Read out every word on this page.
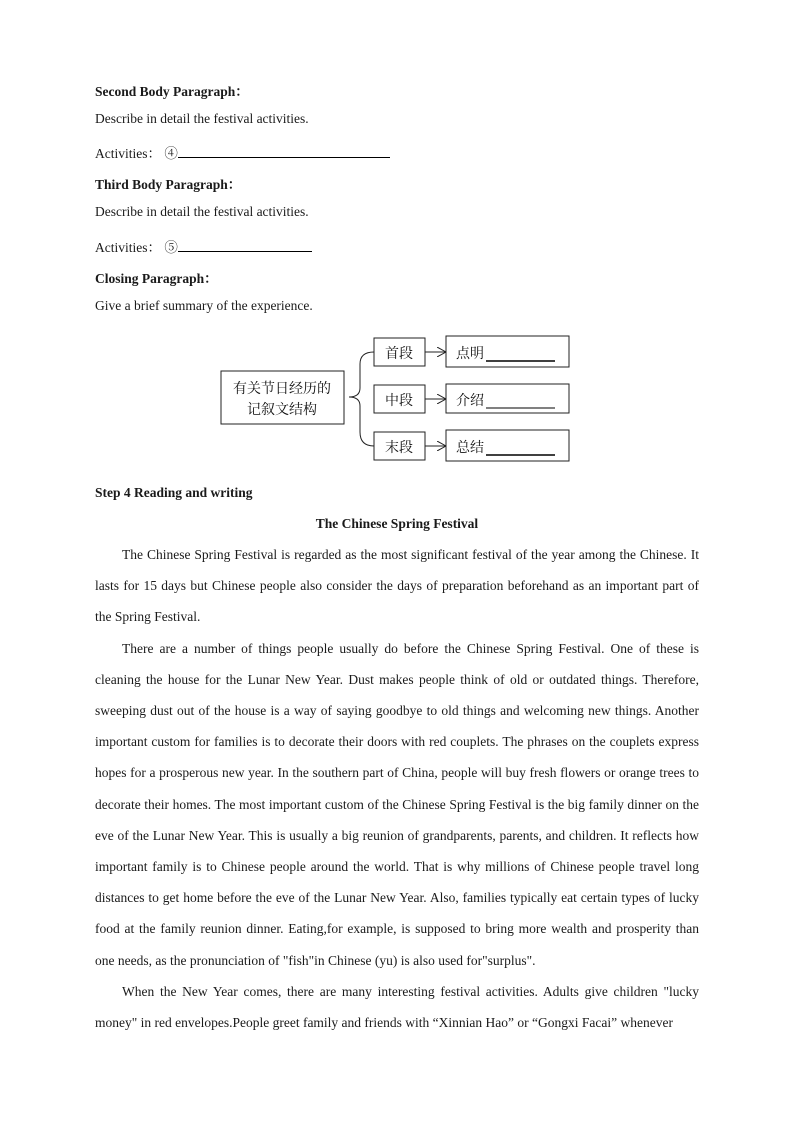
Second Body Paragraph：
Describe in detail the festival activities.
Activities： ④
Third Body Paragraph：
Describe in detail the festival activities.
Activities： ⑤
Closing Paragraph：
Give a brief summary of the experience.
有关节日经历的
记叙文结构
首段	点明
中段	介绍
末段	总结
Step 4 Reading and writing
The Chinese Spring Festival

The Chinese Spring Festival is regarded as the most significant festival of the year among the Chinese. It lasts for 15 days but Chinese people also consider the days of preparation beforehand as an important part of the Spring Festival.

There are a number of things people usually do before the Chinese Spring Festival. One of these is cleaning the house for the Lunar New Year. Dust makes people think of old or outdated things. Therefore, sweeping dust out of the house is a way of saying goodbye to old things and welcoming new things. Another important custom for families is to decorate their doors with red couplets. The phrases on the couplets express hopes for a prosperous new year. In the southern part of China, people will buy fresh flowers or orange trees to decorate their homes. The most important custom of the Chinese Spring Festival is the big family dinner on the eve of the Lunar New Year. This is usually a big reunion of grandparents, parents, and children. It reflects how important family is to Chinese people around the world. That is why millions of Chinese people travel long distances to get home before the eve of the Lunar New Year. Also, families typically eat certain types of lucky food at the family reunion dinner. Eating,for example, is supposed to bring more wealth and prosperity than one needs, as the pronunciation of "fish"in Chinese (yu) is also used for"surplus".

When the New Year comes, there are many interesting festival activities. Adults give children "lucky money" in red envelopes.People greet family and friends with “Xinnian Hao” or “Gongxi Facai” whenever
